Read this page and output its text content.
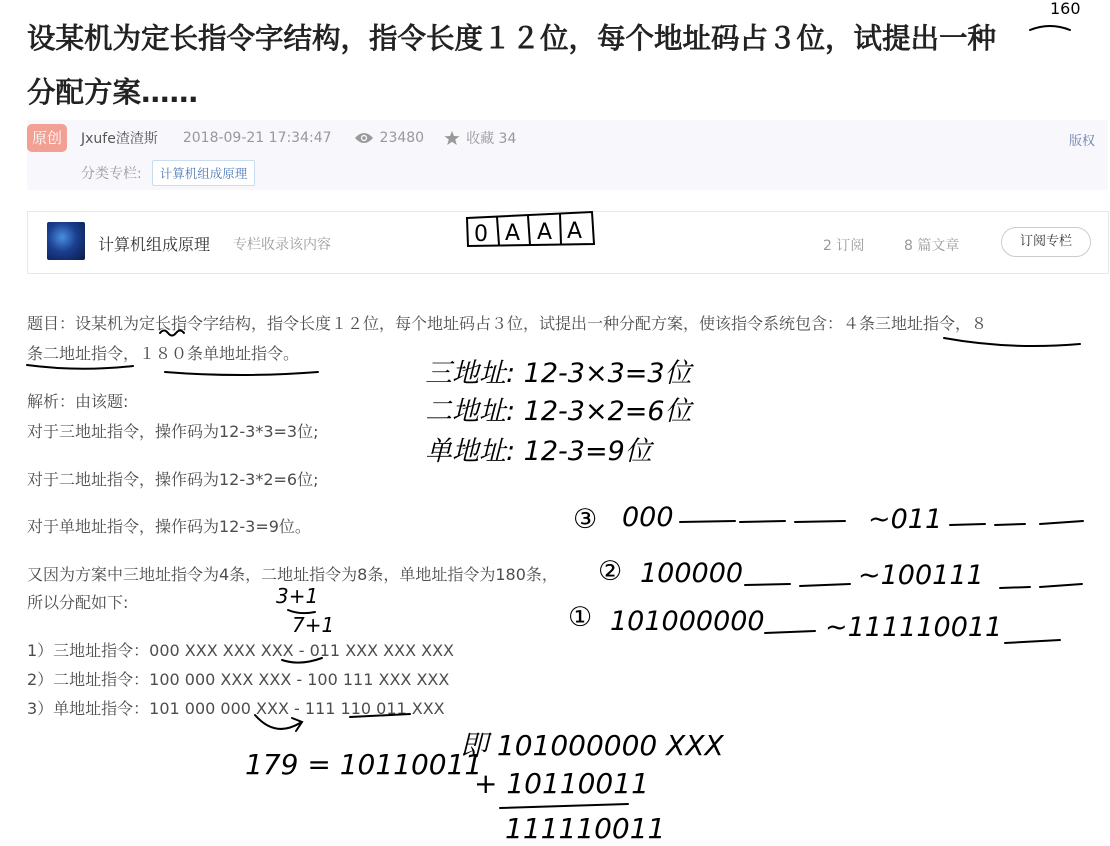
设某机为定长指令字结构，指令长度１２位，每个地址码占３位，试提出一种
分配方案……
原创	Jxufe渣渣斯 2018-09-21 17:34:47	23480	收藏 34	版权
分类专栏:	计算机组成原理
计算机组成原理 专栏收录该内容	2 订阅	8 篇文章	订阅专栏
题目：设某机为定长指令字结构，指令长度１２位，每个地址码占３位，试提出一种分配方案，使该指令系统包含：４条三地址指令，８
条二地址指令，１８０条单地址指令。
解析：由该题:
对于三地址指令，操作码为12-3*3=3位;
对于二地址指令，操作码为12-3*2=6位;
对于单地址指令，操作码为12-3=9位。
又因为方案中三地址指令为4条，二地址指令为8条，单地址指令为180条，
所以分配如下:
1）三地址指令：000 XXX XXX XXX - 011 XXX XXX XXX
2）二地址指令：100 000 XXX XXX - 100 111 XXX XXX
3）单地址指令：101 000 000 XXX - 111 110 011 XXX
160
0 A A A
三地址: 12-3×3=3位
二地址: 12-3×2=6位
单地址: 12-3=9位
③ 000	~011
② 100000	~100111
① 101000000 ~111110011
3+1
7+1
179 = 10110011
即 101000000 XXX
+ 10110011
111110011
